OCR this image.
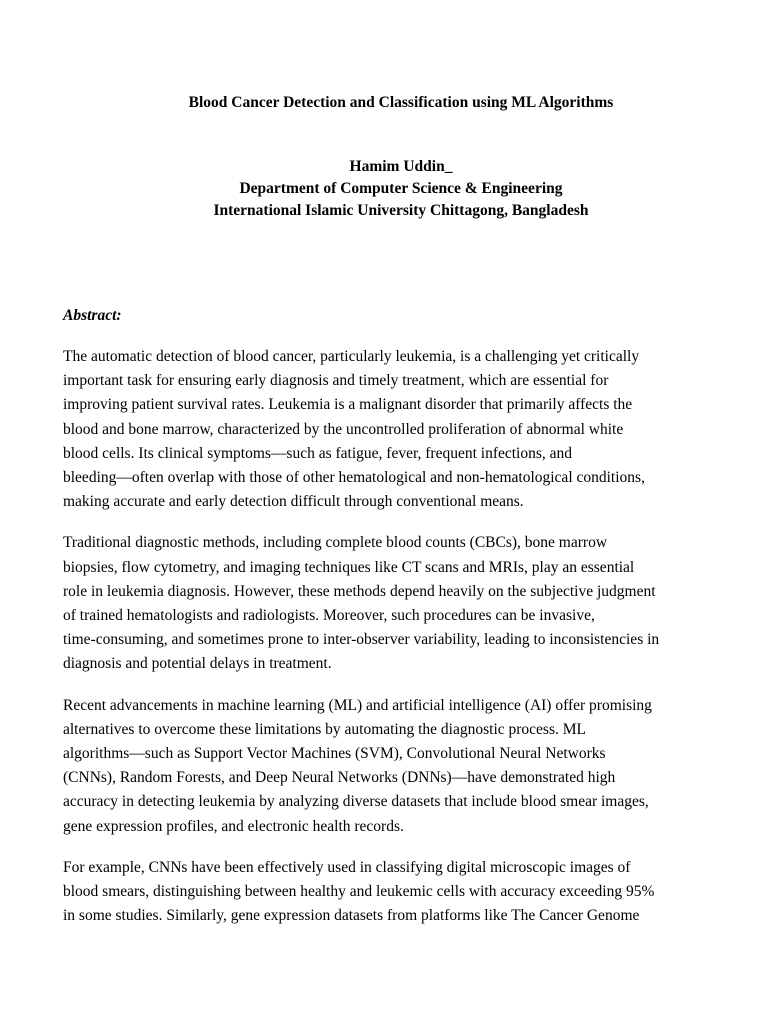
Blood Cancer Detection and Classification using ML Algorithms
Hamim Uddin_
Department of Computer Science & Engineering
International Islamic University Chittagong, Bangladesh
Abstract:

The automatic detection of blood cancer, particularly leukemia, is a challenging yet critically
important task for ensuring early diagnosis and timely treatment, which are essential for
improving patient survival rates. Leukemia is a malignant disorder that primarily affects the
blood and bone marrow, characterized by the uncontrolled proliferation of abnormal white
blood cells. Its clinical symptoms—such as fatigue, fever, frequent infections, and
bleeding—often overlap with those of other hematological and non-hematological conditions,
making accurate and early detection difficult through conventional means.

Traditional diagnostic methods, including complete blood counts (CBCs), bone marrow
biopsies, flow cytometry, and imaging techniques like CT scans and MRIs, play an essential
role in leukemia diagnosis. However, these methods depend heavily on the subjective judgment
of trained hematologists and radiologists. Moreover, such procedures can be invasive,
time-consuming, and sometimes prone to inter-observer variability, leading to inconsistencies in
diagnosis and potential delays in treatment.

Recent advancements in machine learning (ML) and artificial intelligence (AI) offer promising
alternatives to overcome these limitations by automating the diagnostic process. ML
algorithms—such as Support Vector Machines (SVM), Convolutional Neural Networks
(CNNs), Random Forests, and Deep Neural Networks (DNNs)—have demonstrated high
accuracy in detecting leukemia by analyzing diverse datasets that include blood smear images,
gene expression profiles, and electronic health records.

For example, CNNs have been effectively used in classifying digital microscopic images of
blood smears, distinguishing between healthy and leukemic cells with accuracy exceeding 95%
in some studies. Similarly, gene expression datasets from platforms like The Cancer Genome
